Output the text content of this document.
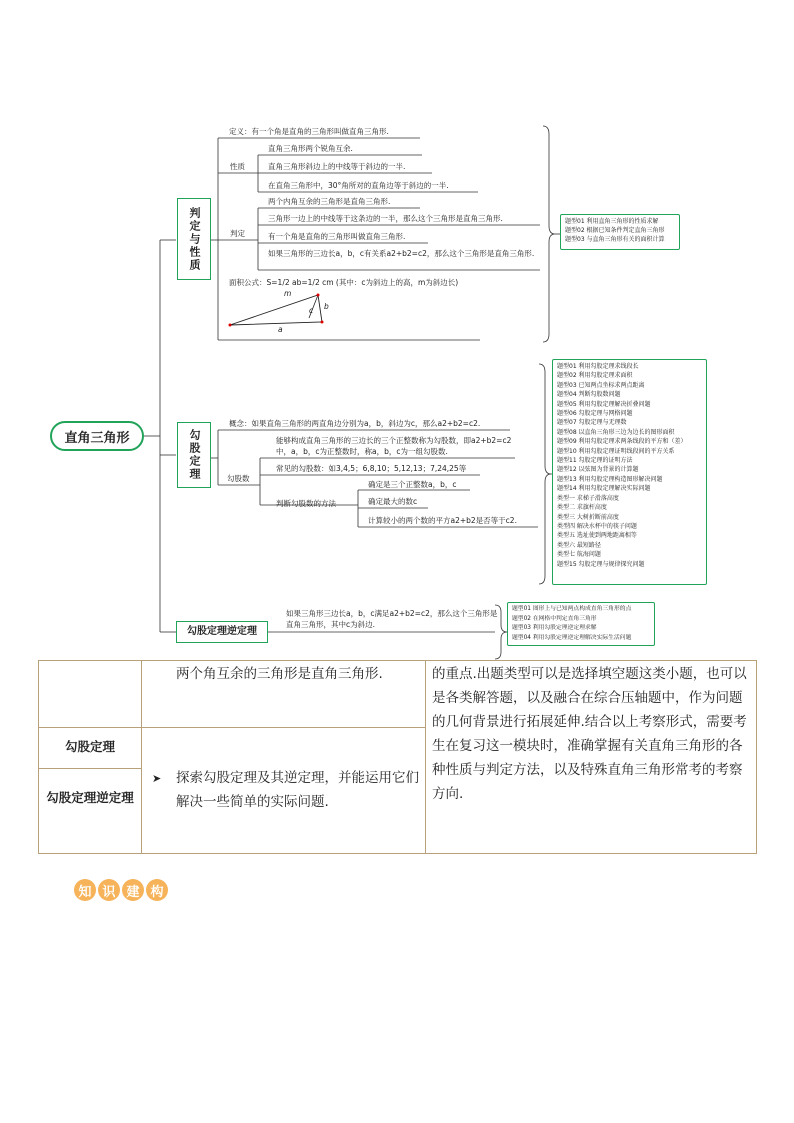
直角三角形
判定与性质
定义：有一个角是直角的三角形叫做直角三角形.
性质
直角三角形两个锐角互余.
直角三角形斜边上的中线等于斜边的一半.
在直角三角形中，30°角所对的直角边等于斜边的一半.
判定
两个内角互余的三角形是直角三角形.
三角形一边上的中线等于这条边的一半，那么这个三角形是直角三角形.
有一个角是直角的三角形叫做直角三角形.
如果三角形的三边长a，b，c有关系a2+b2=c2，那么这个三角形是直角三角形.
面积公式：S=1/2 ab=1/2 cm (其中：c为斜边上的高，m为斜边长)
m
b
c
a
题型01 利用直角三角形的性质求解
题型02 根据已知条件判定直角三角形
题型03 与直角三角形有关的面积计算
勾股定理
概念：如果直角三角形的两直角边分别为a，b，斜边为c，那么a2+b2=c2.
勾股数
能够构成直角三角形的三边长的三个正整数称为勾股数，即a2+b2=c2中，a，b，c为正整数时，称a，b，c为一组勾股数.
常见的勾股数：如3,4,5；6,8,10；5,12,13；7,24,25等
判断勾股数的方法
确定是三个正整数a，b，c
确定最大的数c
计算较小的两个数的平方a2+b2是否等于c2.
题型01 利用勾股定理求线段长
题型02 利用勾股定理求面积
题型03 已知两点坐标求两点距离
题型04 判断勾股数问题
题型05 利用勾股定理解决折叠问题
题型06 勾股定理与网格问题
题型07 勾股定理与无理数
题型08 以直角三角形三边为边长的图形面积
题型09 利用勾股定理求两条线段的平方和（差）
题型10 利用勾股定理证明线段间的平方关系
题型11 勾股定理的证明方法
题型12 以弦图为背景的计算题
题型13 利用勾股定理构造图形解决问题
题型14 利用勾股定理解决实际问题
类型一 求梯子滑落高度
类型二 求旗杆高度
类型三 大树折断前高度
类型四 解决水杯中的筷子问题
类型五 选址使到两地距离相等
类型六 最短路径
类型七 航海问题
题型15 勾股定理与规律探究问题
勾股定理逆定理
如果三角形三边长a，b，c满足a2+b2=c2，那么这个三角形是直角三角形，其中c为斜边.
题型01 图形上与已知两点构成直角三角形的点
题型02 在网格中判定直角三角形
题型03 利用勾股定理逆定理求解
题型04 利用勾股定理逆定理解决实际生活问题
两个角互余的三角形是直角三角形.
勾股定理
勾股定理逆定理
➤ 探索勾股定理及其逆定理，并能运用它们解决一些简单的实际问题.
的重点.出题类型可以是选择填空题这类小题，也可以是各类解答题，以及融合在综合压轴题中，作为问题的几何背景进行拓展延伸.结合以上考察形式，需要考生在复习这一模块时，准确掌握有关直角三角形的各种性质与判定方法，以及特殊直角三角形常考的考察方向.
知 识 建 构
